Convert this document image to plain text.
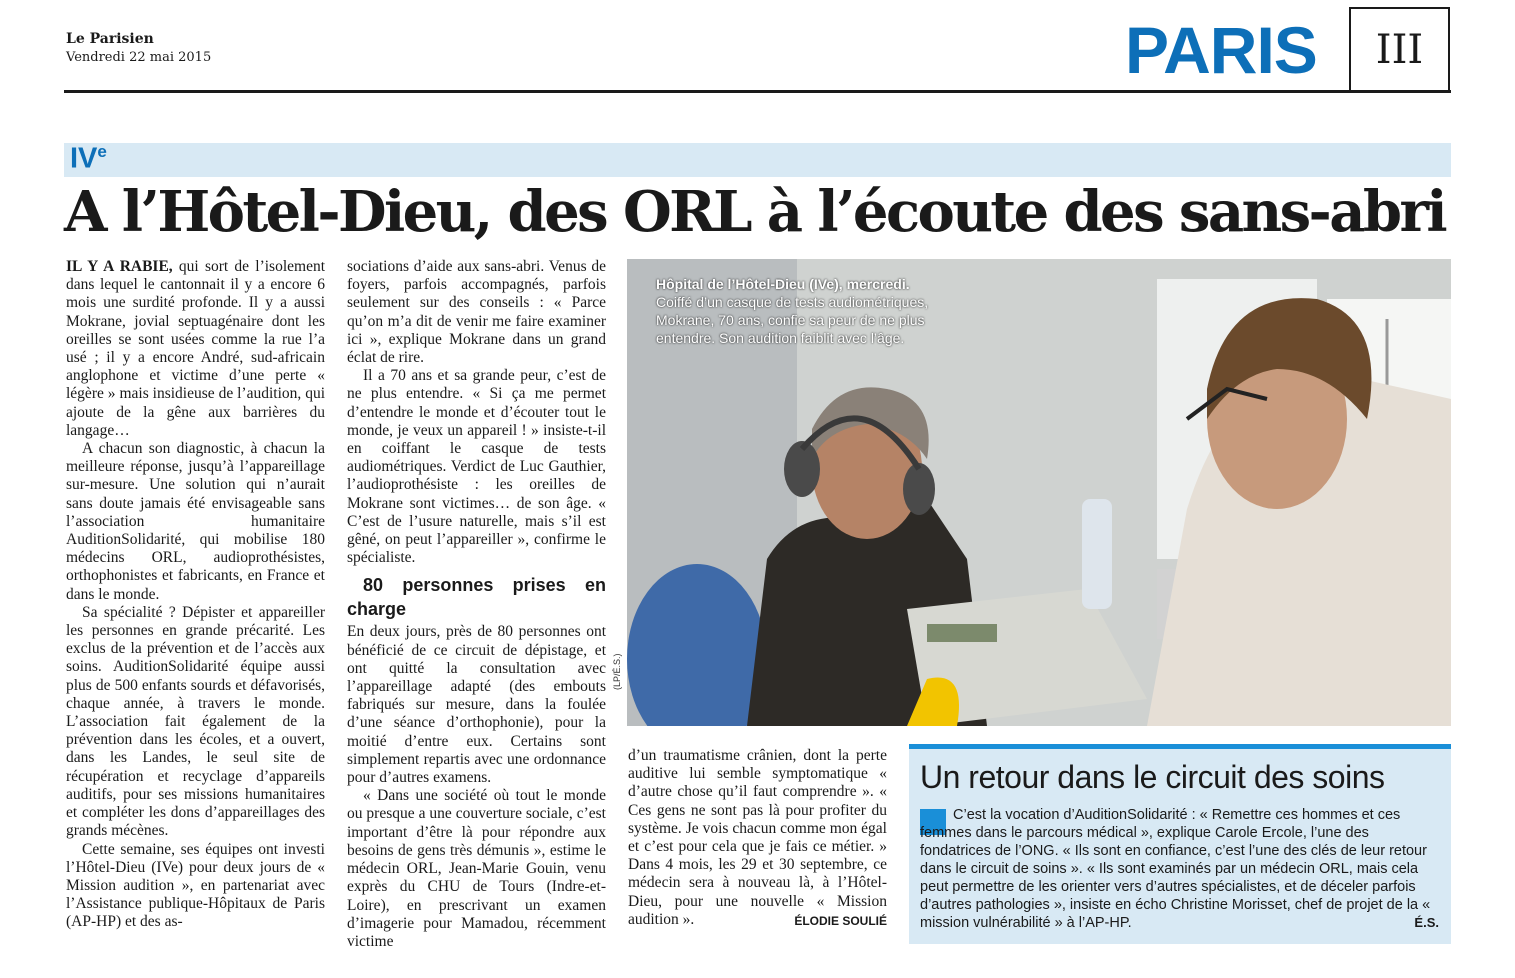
Le Parisien
Vendredi 22 mai 2015	PARIS	III
IVe
A l’Hôtel-Dieu, des ORL à l’écoute des sans-abri

IL Y A RABIE, qui sort de l’isolement dans lequel le cantonnait il y a encore 6 mois une surdité profonde. Il y a aussi Mokrane, jovial septuagénaire dont les oreilles se sont usées comme la rue l’a usé ; il y a encore André, sud-africain anglophone et victime d’une perte « légère » mais insidieuse de l’audition, qui ajoute de la gêne aux barrières du langage…

A chacun son diagnostic, à chacun la meilleure réponse, jusqu’à l’appareillage sur-mesure. Une solution qui n’aurait sans doute jamais été envisageable sans l’association humanitaire AuditionSolidarité, qui mobilise 180 médecins ORL, audioprothésistes, orthophonistes et fabricants, en France et dans le monde.

Sa spécialité ? Dépister et appareiller les personnes en grande précarité. Les exclus de la prévention et de l’accès aux soins. AuditionSolidarité équipe aussi plus de 500 enfants sourds et défavorisés, chaque année, à travers le monde. L’association fait également de la prévention dans les écoles, et a ouvert, dans les Landes, le seul site de récupération et recyclage d’appareils auditifs, pour ses missions humanitaires et compléter les dons d’appareillages des grands mécènes.

Cette semaine, ses équipes ont investi l’Hôtel-Dieu (IVe) pour deux jours de « Mission audition », en partenariat avec l’Assistance publique-Hôpitaux de Paris (AP-HP) et des as-

sociations d’aide aux sans-abri. Venus de foyers, parfois accompagnés, parfois seulement sur des conseils : « Parce qu’on m’a dit de venir me faire examiner ici », explique Mokrane dans un grand éclat de rire.

Il a 70 ans et sa grande peur, c’est de ne plus entendre. « Si ça me permet d’entendre le monde et d’écouter tout le monde, je veux un appareil ! » insiste-t-il en coiffant le casque de tests audiométriques. Verdict de Luc Gauthier, l’audioprothésiste : les oreilles de Mokrane sont victimes… de son âge. « C’est de l’usure naturelle, mais s’il est gêné, on peut l’appareiller », confirme le spécialiste.

80 personnes prises en charge

En deux jours, près de 80 personnes ont bénéficié de ce circuit de dépistage, et ont quitté la consultation avec l’appareillage adapté (des embouts fabriqués sur mesure, dans la foulée d’une séance d’orthophonie), pour la moitié d’entre eux. Certains sont simplement repartis avec une ordonnance pour d’autres examens.

« Dans une société où tout le monde ou presque a une couverture sociale, c’est important d’être là pour répondre aux besoins de gens très démunis », estime le médecin ORL, Jean-Marie Gouin, venu exprès du CHU de Tours (Indre-et-Loire), en prescrivant un examen d’imagerie pour Mamadou, récemment victime

d’un traumatisme crânien, dont la perte auditive lui semble symptomatique « d’autre chose qu’il faut comprendre ». « Ces gens ne sont pas là pour profiter du système. Je vois chacun comme mon égal et c’est pour cela que je fais ce métier. » Dans 4 mois, les 29 et 30 septembre, ce médecin sera à nouveau là, à l’Hôtel-Dieu, pour une nouvelle « Mission audition ».	ÉLODIE SOULIÉ

Hôpital de l’Hôtel-Dieu (IVe), mercredi.
Coiffé d’un casque de tests audiométriques, Mokrane, 70 ans, confie sa peur de ne plus entendre. Son audition faiblit avec l’âge.
(LP/É.S.)
Un retour dans le circuit des soins
C’est la vocation d’AuditionSolidarité : « Remettre ces hommes et ces femmes dans le parcours médical », explique Carole Ercole, l’une des fondatrices de l’ONG. « Ils sont en confiance, c’est l’une des clés de leur retour dans le circuit de soins ». « Ils sont examinés par un médecin ORL, mais cela peut permettre de les orienter vers d’autres spécialistes, et de déceler parfois d’autres pathologies », insiste en écho Christine Morisset, chef de projet de la « mission vulnérabilité » à l’AP-HP.	É.S.
